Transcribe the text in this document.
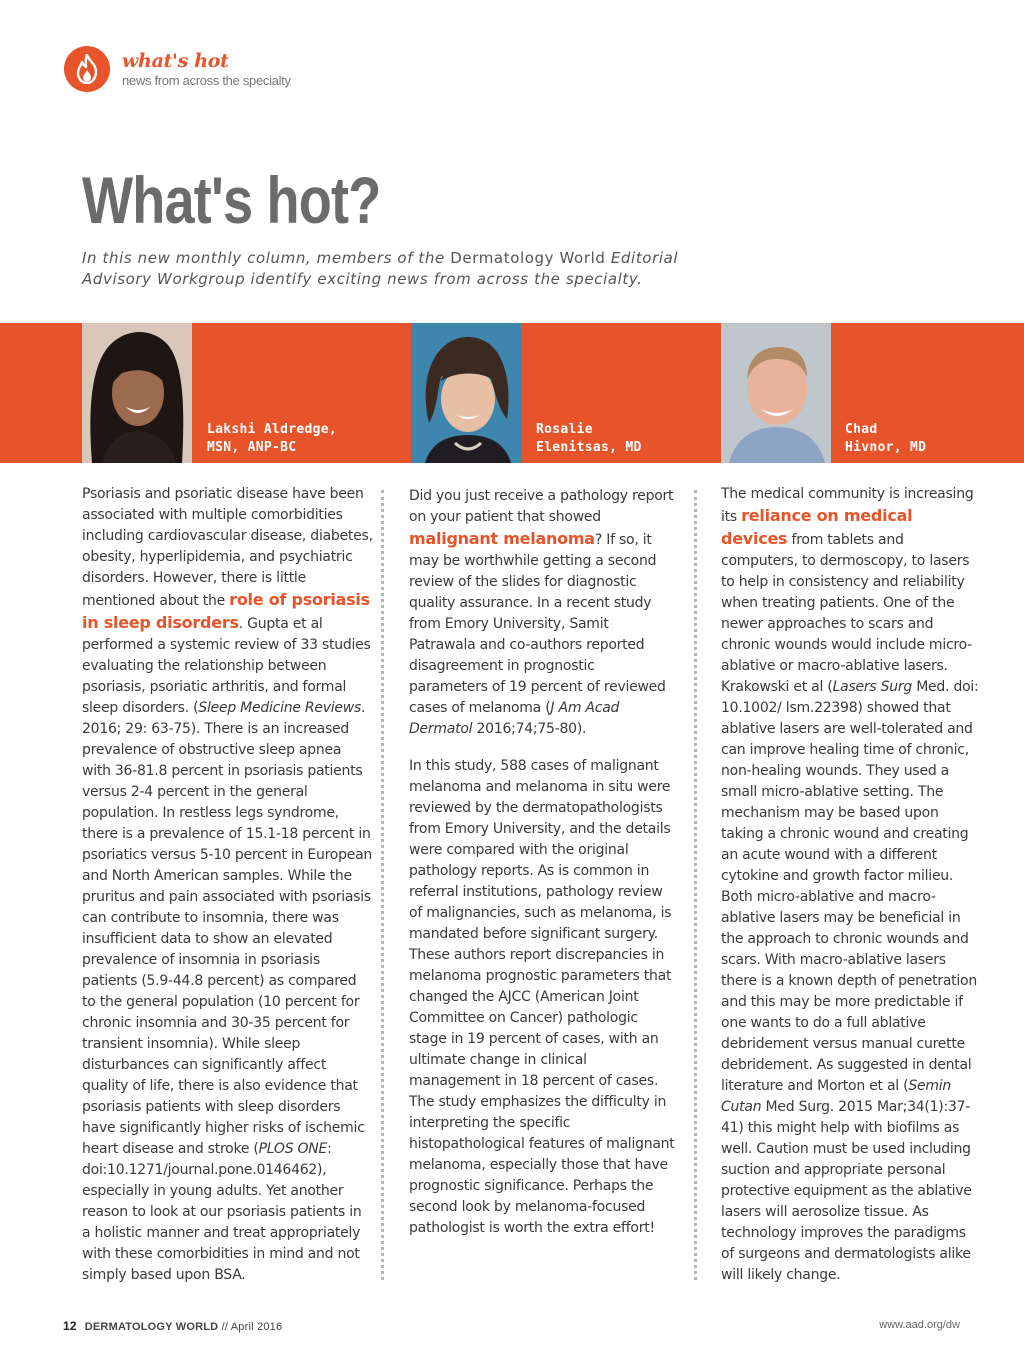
what's hot
news from across the specialty
What's hot?

In this new monthly column, members of the Dermatology World Editorial Advisory Workgroup identify exciting news from across the specialty.

Lakshi Aldredge,
MSN, ANP-BC
Rosalie
Elenitsas, MD
Chad
Hivnor, MD

Psoriasis and psoriatic disease have been associated with multiple comorbidities including cardiovascular disease, diabetes, obesity, hyperlipidemia, and psychiatric disorders. However, there is little mentioned about the role of psoriasis in sleep disorders. Gupta et al performed a systemic review of 33 studies evaluating the relationship between psoriasis, psoriatic arthritis, and formal sleep disorders. (Sleep Medicine Reviews. 2016; 29: 63-75). There is an increased prevalence of obstructive sleep apnea with 36-81.8 percent in psoriasis patients versus 2-4 percent in the general population. In restless legs syndrome, there is a prevalence of 15.1-18 percent in psoriatics versus 5-10 percent in European and North American samples. While the pruritus and pain associated with psoriasis can contribute to insomnia, there was insufficient data to show an elevated prevalence of insomnia in psoriasis patients (5.9-44.8 percent) as compared to the general population (10 percent for chronic insomnia and 30-35 percent for transient insomnia). While sleep disturbances can significantly affect quality of life, there is also evidence that psoriasis patients with sleep disorders have significantly higher risks of ischemic heart disease and stroke (PLOS ONE: doi:10.1271/journal.pone.0146462), especially in young adults. Yet another reason to look at our psoriasis patients in a holistic manner and treat appropriately with these comorbidities in mind and not simply based upon BSA.

Did you just receive a pathology report on your patient that showed malignant melanoma? If so, it may be worthwhile getting a second review of the slides for diagnostic quality assurance. In a recent study from Emory University, Samit Patrawala and co-authors reported disagreement in prognostic parameters of 19 percent of reviewed cases of melanoma (J Am Acad Dermatol 2016;74;75-80).

In this study, 588 cases of malignant melanoma and melanoma in situ were reviewed by the dermatopathologists from Emory University, and the details were compared with the original pathology reports. As is common in referral institutions, pathology review of malignancies, such as melanoma, is mandated before significant surgery. These authors report discrepancies in melanoma prognostic parameters that changed the AJCC (American Joint Committee on Cancer) pathologic stage in 19 percent of cases, with an ultimate change in clinical management in 18 percent of cases. The study emphasizes the difficulty in interpreting the specific histopathological features of malignant melanoma, especially those that have prognostic significance. Perhaps the second look by melanoma-focused pathologist is worth the extra effort!

The medical community is increasing its reliance on medical devices from tablets and computers, to dermoscopy, to lasers to help in consistency and reliability when treating patients. One of the newer approaches to scars and chronic wounds would include micro-ablative or macro-ablative lasers. Krakowski et al (Lasers Surg Med. doi: 10.1002/ lsm.22398) showed that ablative lasers are well-tolerated and can improve healing time of chronic, non-healing wounds. They used a small micro-ablative setting. The mechanism may be based upon taking a chronic wound and creating an acute wound with a different cytokine and growth factor milieu. Both micro-ablative and macro-ablative lasers may be beneficial in the approach to chronic wounds and scars. With macro-ablative lasers there is a known depth of penetration and this may be more predictable if one wants to do a full ablative debridement versus manual curette debridement. As suggested in dental literature and Morton et al (Semin Cutan Med Surg. 2015 Mar;34(1):37-41) this might help with biofilms as well. Caution must be used including suction and appropriate personal protective equipment as the ablative lasers will aerosolize tissue. As technology improves the paradigms of surgeons and dermatologists alike will likely change.

12 DERMATOLOGY WORLD // April 2016	www.aad.org/dw
